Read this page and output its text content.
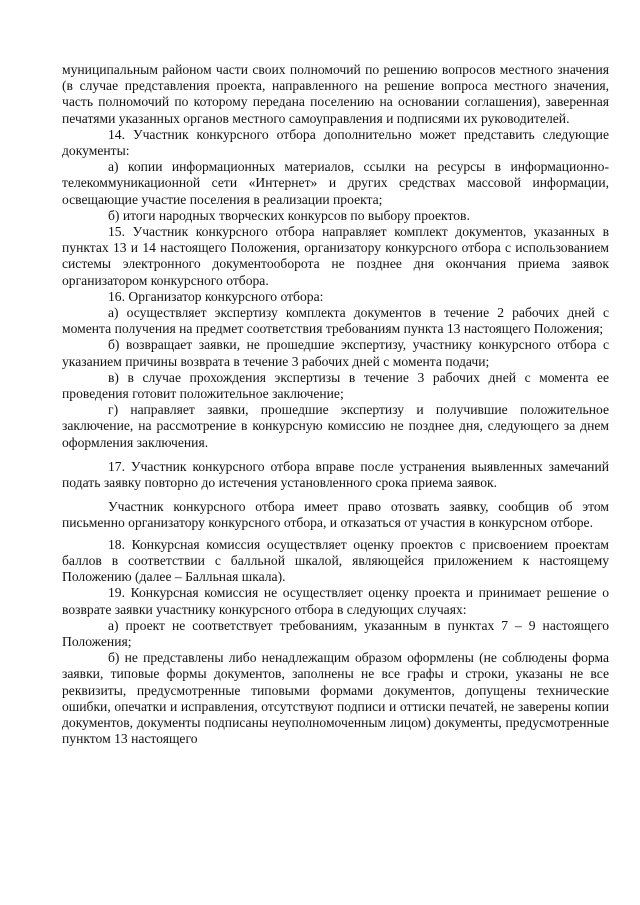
муниципальным районом части своих полномочий по решению вопросов местного значения (в случае представления проекта, направленного на решение вопроса местного значения, часть полномочий по которому передана поселению на основании соглашения), заверенная печатями указанных органов местного самоуправления и подписями их руководителей.

14. Участник конкурсного отбора дополнительно может представить следующие документы:

а) копии информационных материалов, ссылки на ресурсы в информационно-телекоммуникационной сети «Интернет» и других средствах массовой информации, освещающие участие поселения в реализации проекта;

б) итоги народных творческих конкурсов по выбору проектов.

15. Участник конкурсного отбора направляет комплект документов, указанных в пунктах 13 и 14 настоящего Положения, организатору конкурсного отбора с использованием системы электронного документооборота не позднее дня окончания приема заявок организатором конкурсного отбора.

16. Организатор конкурсного отбора:

а) осуществляет экспертизу комплекта документов в течение 2 рабочих дней с момента получения на предмет соответствия требованиям пункта 13 настоящего Положения;

б) возвращает заявки, не прошедшие экспертизу, участнику конкурсного отбора с указанием причины возврата в течение 3 рабочих дней с момента подачи;

в) в случае прохождения экспертизы в течение 3 рабочих дней с момента ее проведения готовит положительное заключение;

г) направляет заявки, прошедшие экспертизу и получившие положительное заключение, на рассмотрение в конкурсную комиссию не позднее дня, следующего за днем оформления заключения.

17. Участник конкурсного отбора вправе после устранения выявленных замечаний подать заявку повторно до истечения установленного срока приема заявок.

Участник конкурсного отбора имеет право отозвать заявку, сообщив об этом письменно организатору конкурсного отбора, и отказаться от участия в конкурсном отборе.

18. Конкурсная комиссия осуществляет оценку проектов с присвоением проектам баллов в соответствии с балльной шкалой, являющейся приложением к настоящему Положению (далее – Балльная шкала).

19. Конкурсная комиссия не осуществляет оценку проекта и принимает решение о возврате заявки участнику конкурсного отбора в следующих случаях:

а) проект не соответствует требованиям, указанным в пунктах 7 – 9 настоящего Положения;

б) не представлены либо ненадлежащим образом оформлены (не соблюдены форма заявки, типовые формы документов, заполнены не все графы и строки, указаны не все реквизиты, предусмотренные типовыми формами документов, допущены технические ошибки, опечатки и исправления, отсутствуют подписи и оттиски печатей, не заверены копии документов, документы подписаны неуполномоченным лицом) документы, предусмотренные пунктом 13 настоящего
